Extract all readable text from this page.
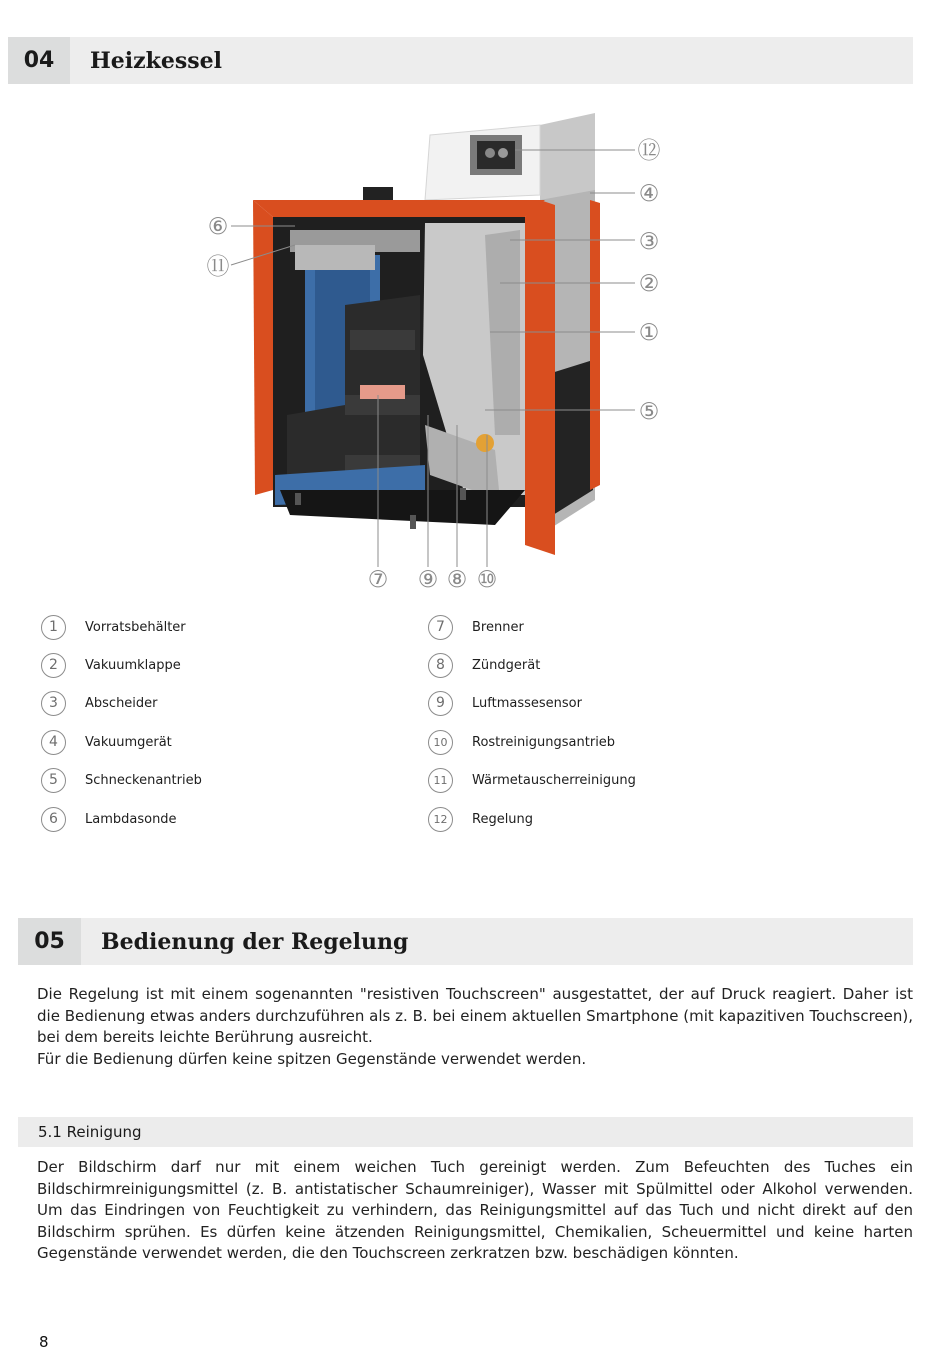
04	Heizkessel
⑫
④
③
②
①
⑤
⑥
⑪
⑦ ⑨ ⑧ ⑩
1	Vorratsbehälter
2	Vakuumklappe
3	Abscheider
4	Vakuumgerät
5	Schneckenantrieb
6	Lambdasonde
7	Brenner
8	Zündgerät
9	Luftmassesensor
10	Rostreinigungsantrieb
11	Wärmetauscherreinigung
12	Regelung
05	Bedienung der Regelung

Die Regelung ist mit einem sogenannten "resistiven Touchscreen" ausgestattet, der auf Druck reagiert. Daher ist die Bedienung etwas anders durchzuführen als z. B. bei einem aktuellen Smartphone (mit kapazitiven Touchscreen), bei dem bereits leichte Berührung ausreicht.

Für die Bedienung dürfen keine spitzen Gegenstände verwendet werden.

5.1 Reinigung

Der Bildschirm darf nur mit einem weichen Tuch gereinigt werden. Zum Befeuchten des Tuches ein Bildschirmreinigungsmittel (z. B. antistatischer Schaumreiniger), Wasser mit Spülmittel oder Alkohol verwenden. Um das Eindringen von Feuchtigkeit zu verhindern, das Reinigungsmittel auf das Tuch und nicht direkt auf den Bildschirm sprühen. Es dürfen keine ätzenden Reinigungsmittel, Chemikalien, Scheuermittel und keine harten Gegenstände verwendet werden, die den Touchscreen zerkratzen bzw. beschädigen könnten.

8
